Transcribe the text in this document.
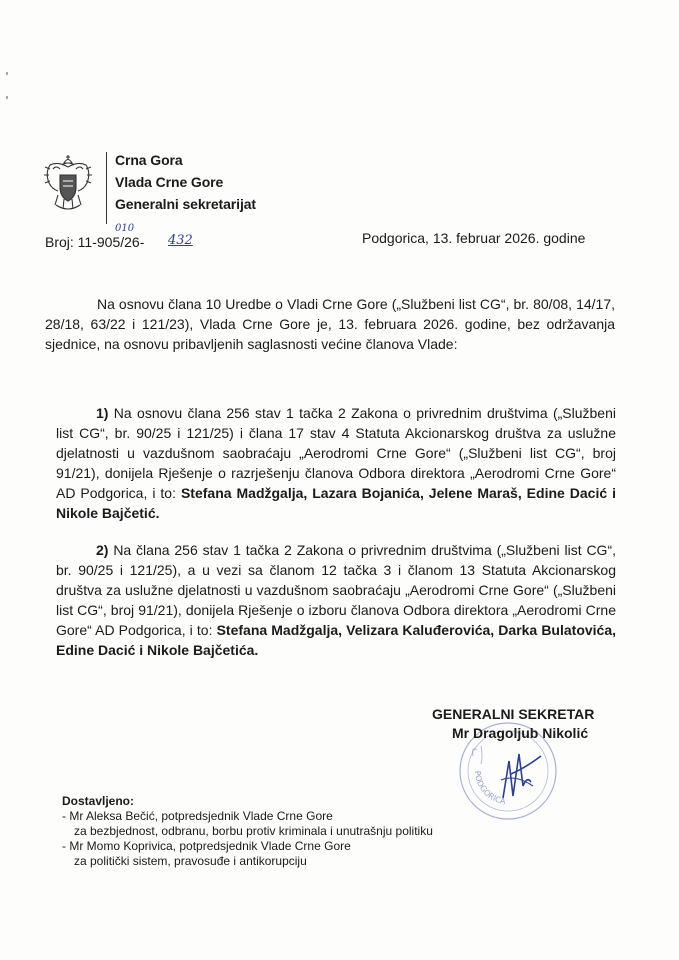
Crna Gora
Vlada Crne Gore
Generalni sekretarijat
Broj: 11-905/26-
010
432	Podgorica, 13. februar 2026. godine

Na osnovu člana 10 Uredbe o Vladi Crne Gore („Službeni list CG“, br. 80/08, 14/17, 28/18, 63/22 i 121/23), Vlada Crne Gore je, 13. februara 2026. godine, bez održavanja sjednice, na osnovu pribavljenih saglasnosti većine članova Vlade:

1) Na osnovu člana 256 stav 1 tačka 2 Zakona o privrednim društvima („Službeni list CG“, br. 90/25 i 121/25) i člana 17 stav 4 Statuta Akcionarskog društva za uslužne djelatnosti u vazdušnom saobraćaju „Aerodromi Crne Gore“ („Službeni list CG“, broj 91/21), donijela Rješenje o razrješenju članova Odbora direktora „Aerodromi Crne Gore“ AD Podgorica, i to: Stefana Madžgalja, Lazara Bojanića, Jelene Maraš, Edine Dacić i Nikole Bajčetić.

2) Na člana 256 stav 1 tačka 2 Zakona o privrednim društvima („Službeni list CG“, br. 90/25 i 121/25), a u vezi sa članom 12 tačka 3 i članom 13 Statuta Akcionarskog društva za uslužne djelatnosti u vazdušnom saobraćaju „Aerodromi Crne Gore“ („Službeni list CG“, broj 91/21), donijela Rješenje o izboru članova Odbora direktora „Aerodromi Crne Gore“ AD Podgorica, i to: Stefana Madžgalja, Velizara Kaluđerovića, Darka Bulatovića, Edine Dacić i Nikole Bajčetića.

PODGORICA
GENERALNI SEKRETAR
Mr Dragoljub Nikolić
Dostavljeno:
- Mr Aleksa Bečić, potpredsjednik Vlade Crne Gore
za bezbjednost, odbranu, borbu protiv kriminala i unutrašnju politiku
- Mr Momo Koprivica, potpredsjednik Vlade Crne Gore
za politički sistem, pravosuđe i antikorupciju
